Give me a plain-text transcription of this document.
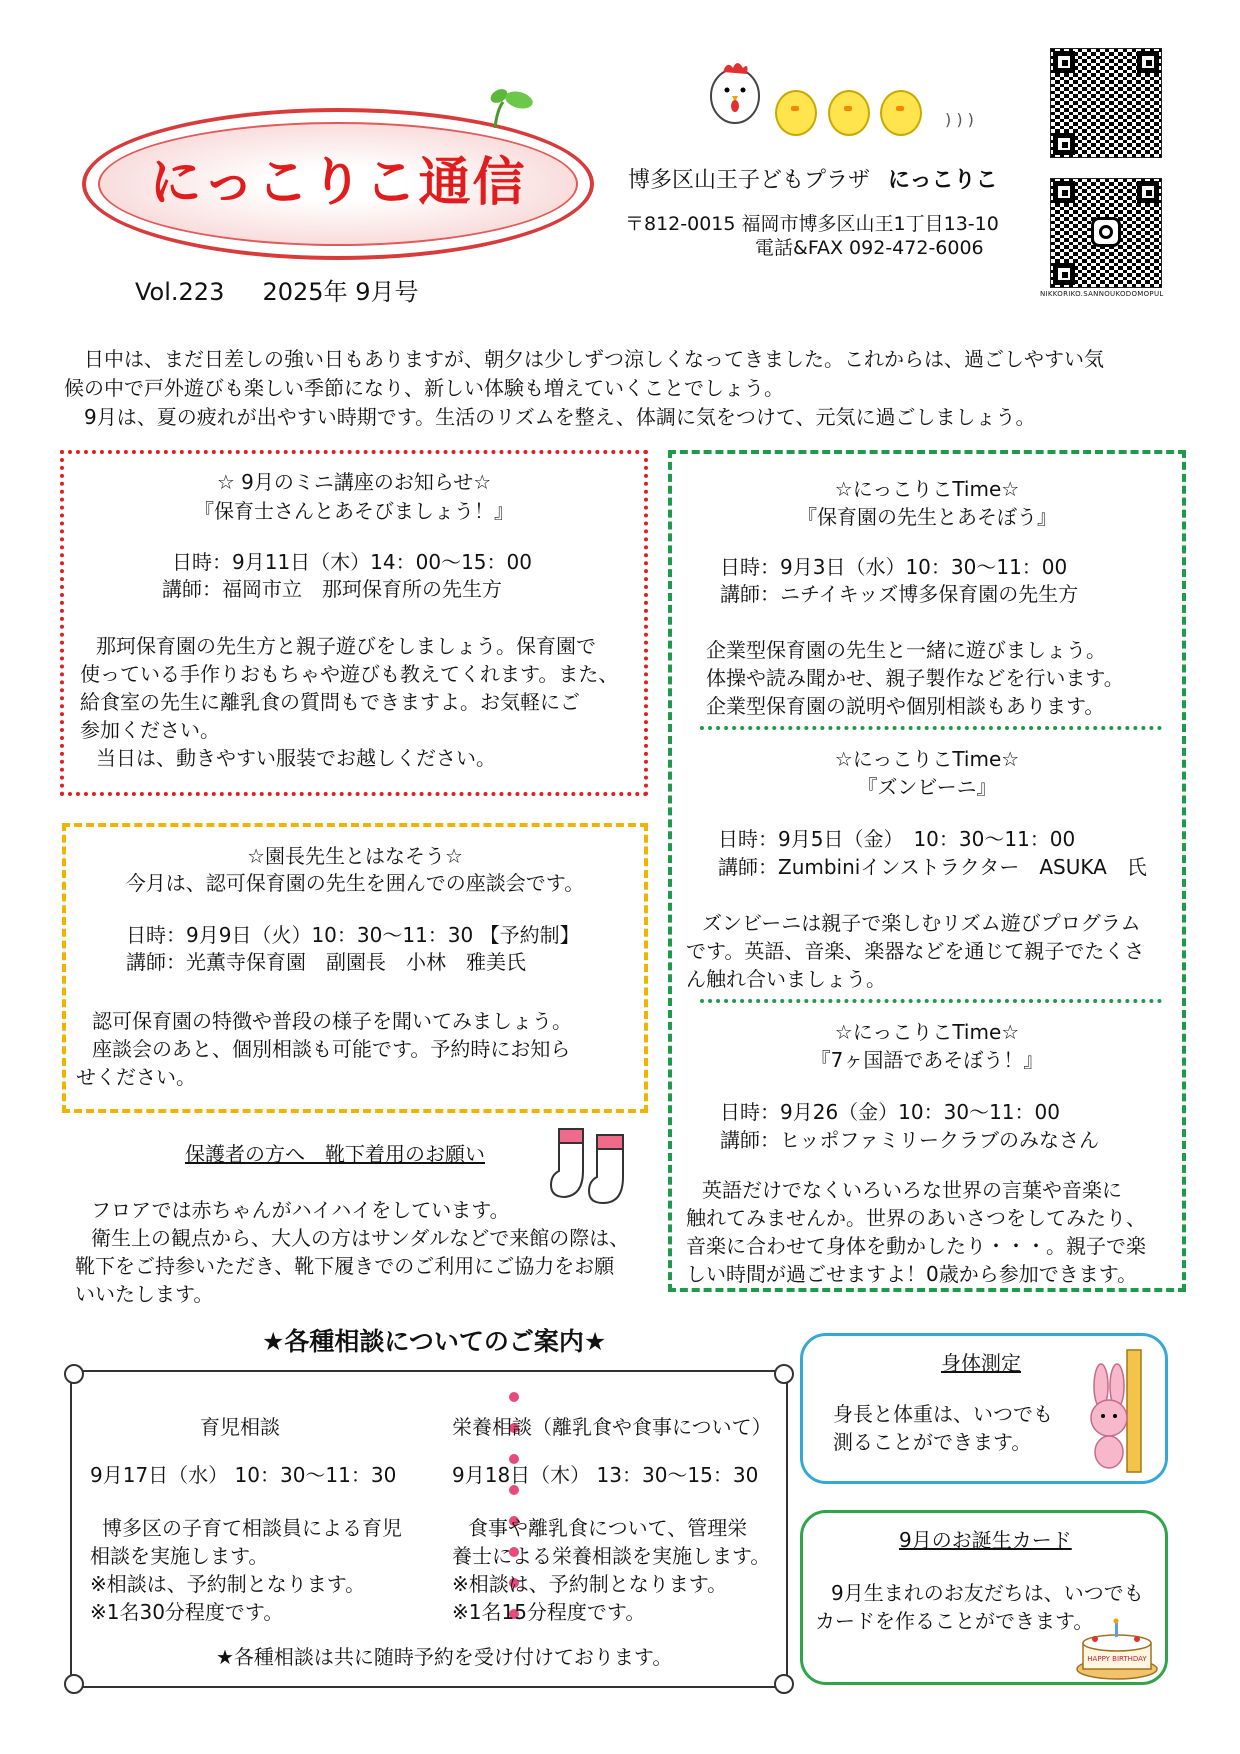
にっこりこ通信
Vol.223 2025年 9月号
) ) )
博多区山王子どもプラザ にっこりこ
〒812-0015 福岡市博多区山王1丁目13-10
電話&FAX 092-472-6006
NIKKORIKO.SANNOUKODOMOPUL
日中は、まだ日差しの強い日もありますが、朝夕は少しずつ涼しくなってきました。これからは、過ごしやすい気
候の中で戸外遊びも楽しい季節になり、新しい体験も増えていくことでしょう。
9月は、夏の疲れが出やすい時期です。生活のリズムを整え、体調に気をつけて、元気に過ごしましょう。
☆ 9月のミニ講座のお知らせ☆
『保育士さんとあそびましょう！』
日時：9月11日（木）14：00～15：00
講師：福岡市立　那珂保育所の先生方
那珂保育園の先生方と親子遊びをしましょう。保育園で
使っている手作りおもちゃや遊びも教えてくれます。また、
給食室の先生に離乳食の質問もできますよ。お気軽にご
参加ください。
当日は、動きやすい服装でお越しください。
☆園長先生とはなそう☆
今月は、認可保育園の先生を囲んでの座談会です。
日時：9月9日（火）10：30～11：30 【予約制】
講師：光薫寺保育園　副園長　小林　雅美氏
認可保育園の特徴や普段の様子を聞いてみましょう。
座談会のあと、個別相談も可能です。予約時にお知ら
せください。
保護者の方へ　靴下着用のお願い
フロアでは赤ちゃんがハイハイをしています。
衛生上の観点から、大人の方はサンダルなどで来館の際は、
靴下をご持参いただき、靴下履きでのご利用にご協力をお願
いいたします。
☆にっこりこTime☆
『保育園の先生とあそぼう』
日時：9月3日（水）10：30～11：00
講師：ニチイキッズ博多保育園の先生方
企業型保育園の先生と一緒に遊びましょう。
体操や読み聞かせ、親子製作などを行います。
企業型保育園の説明や個別相談もあります。
☆にっこりこTime☆
『ズンビーニ』
日時：9月5日（金）　10：30～11：00
講師：Zumbiniインストラクター　ASUKA　氏
ズンビーニは親子で楽しむリズム遊びプログラム
です。英語、音楽、楽器などを通じて親子でたくさ
ん触れ合いましょう。
☆にっこりこTime☆
『7ヶ国語であそぼう！』
日時：9月26（金）10：30～11：00
講師：ヒッポファミリークラブのみなさん
英語だけでなくいろいろな世界の言葉や音楽に
触れてみませんか。世界のあいさつをしてみたり、
音楽に合わせて身体を動かしたり・・・。親子で楽
しい時間が過ごせますよ！0歳から参加できます。
★各種相談についてのご案内★
育児相談
9月17日（水） 10：30～11：30
博多区の子育て相談員による育児
相談を実施します。
※相談は、予約制となります。
※1名30分程度です。
栄養相談（離乳食や食事について）
9月18日（木） 13：30～15：30
食事や離乳食について、管理栄
養士による栄養相談を実施します。
※相談は、予約制となります。
※1名15分程度です。
★各種相談は共に随時予約を受け付けております。
身体測定
身長と体重は、いつでも
測ることができます。
9月のお誕生カード
9月生まれのお友だちは、いつでも
カードを作ることができます。
HAPPY BIRTHDAY
